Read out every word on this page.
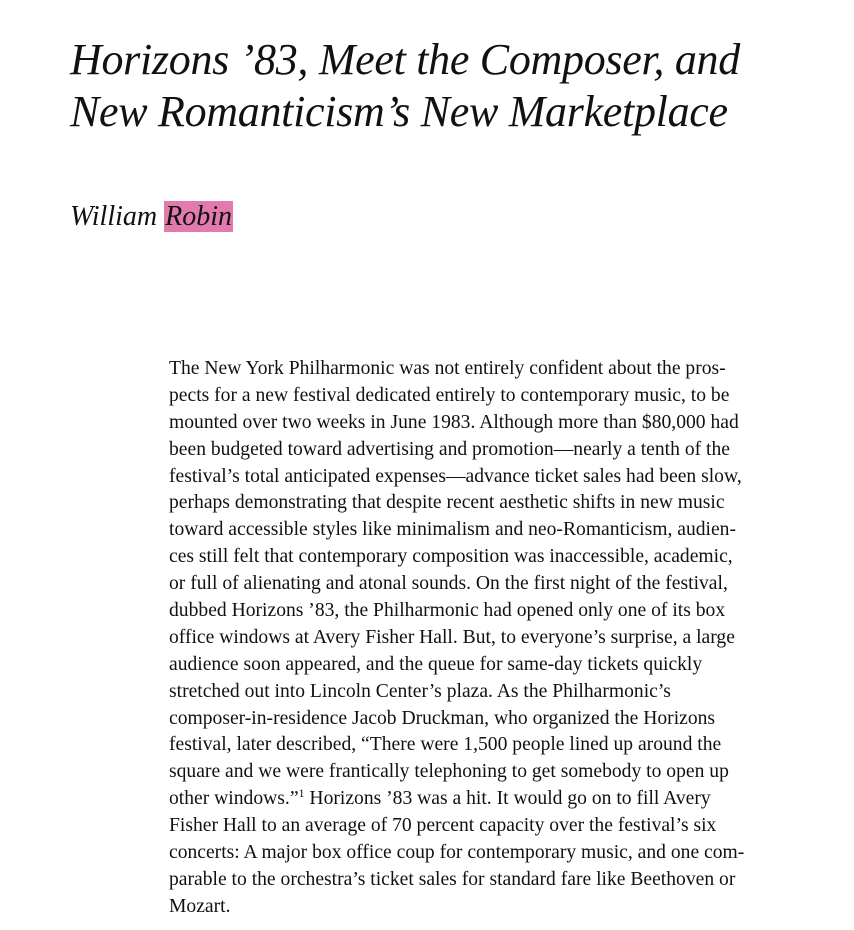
Horizons ’83, Meet the Composer, and
New Romanticism’s New Marketplace
William Robin
The New York Philharmonic was not entirely confident about the pros-
pects for a new festival dedicated entirely to contemporary music, to be
mounted over two weeks in June 1983. Although more than $80,000 had
been budgeted toward advertising and promotion—nearly a tenth of the
festival’s total anticipated expenses—advance ticket sales had been slow,
perhaps demonstrating that despite recent aesthetic shifts in new music
toward accessible styles like minimalism and neo-Romanticism, audien-
ces still felt that contemporary composition was inaccessible, academic,
or full of alienating and atonal sounds. On the first night of the festival,
dubbed Horizons ’83, the Philharmonic had opened only one of its box
office windows at Avery Fisher Hall. But, to everyone’s surprise, a large
audience soon appeared, and the queue for same-day tickets quickly
stretched out into Lincoln Center’s plaza. As the Philharmonic’s
composer-in-residence Jacob Druckman, who organized the Horizons
festival, later described, “There were 1,500 people lined up around the
square and we were frantically telephoning to get somebody to open up
other windows.”$^1$ Horizons ’83 was a hit. It would go on to fill Avery
Fisher Hall to an average of 70 percent capacity over the festival’s six
concerts: A major box office coup for contemporary music, and one com-
parable to the orchestra’s ticket sales for standard fare like Beethoven or
Mozart.
